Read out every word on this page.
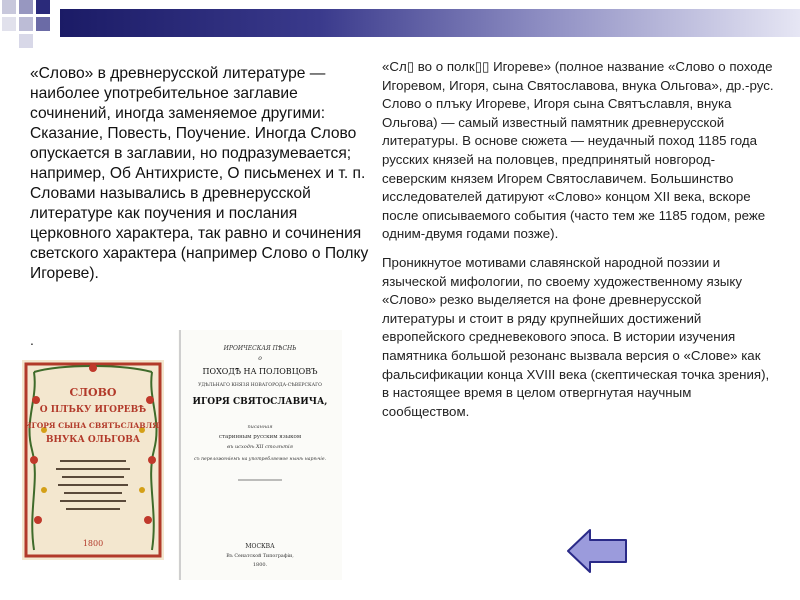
«Слово» в древнерусской литературе — наиболее употребительное заглавие сочинений, иногда заменяемое другими: Сказание, Повесть, Поучение. Иногда Слово опускается в заглавии, но подразумевается; например, Об Антихристе, О письменех и т. п. Словами назывались в древнерусской литературе как поучения и послания церковного характера, так равно и сочинения светского характера (например Слово о Полку Игореве).
.

«Сл▯ во о полк▯▯ Игореве» (полное название «Слово о походе Игоревом, Игоря, сына Святославова, внука Ольгова», др.-рус. Слово о плъку Игореве, Игоря сына Святъславля, внука Ольгова) — самый известный памятник древнерусской литературы. В основе сюжета — неудачный поход 1185 года русских князей на половцев, предпринятый новгород-северским князем Игорем Святославичем. Большинство исследователей датируют «Слово» концом XII века, вскоре после описываемого события (часто тем же 1185 годом, реже одним-двумя годами позже).

Проникнутое мотивами славянской народной поэзии и языческой мифологии, по своему художественному языку «Слово» резко выделяется на фоне древнерусской литературы и стоит в ряду крупнейших достижений европейского средневекового эпоса. В истории изучения памятника большой резонанс вызвала версия о «Слове» как фальсификации конца XVIII века (скептическая точка зрения), в настоящее время в целом отвергнутая научным сообществом.

СЛОВО
О ПЛЪКУ ИГОРЕВѢ
ИГОРЯ СЫНА СВЯТЪСЛАВЛЯ,
ВНУКА ОЛЬГОВА
1800
ИРОИЧЕСКАЯ ПѢСНЬ
о
ПОХОДѢ НА ПОЛОВЦОВЪ
УДѢЛЬНАГО КНЯЗЯ НОВАГОРОДА-СѢВЕРСКАГО
ИГОРЯ СВЯТОСЛАВИЧА,
писанная
старинным русским языком
въ исходѣ XII столѣтія
съ переложеніемъ на употребляемое нынѣ нарѣчіе.
МОСКВА
Въ Сенатской Типографіи,
1800.
